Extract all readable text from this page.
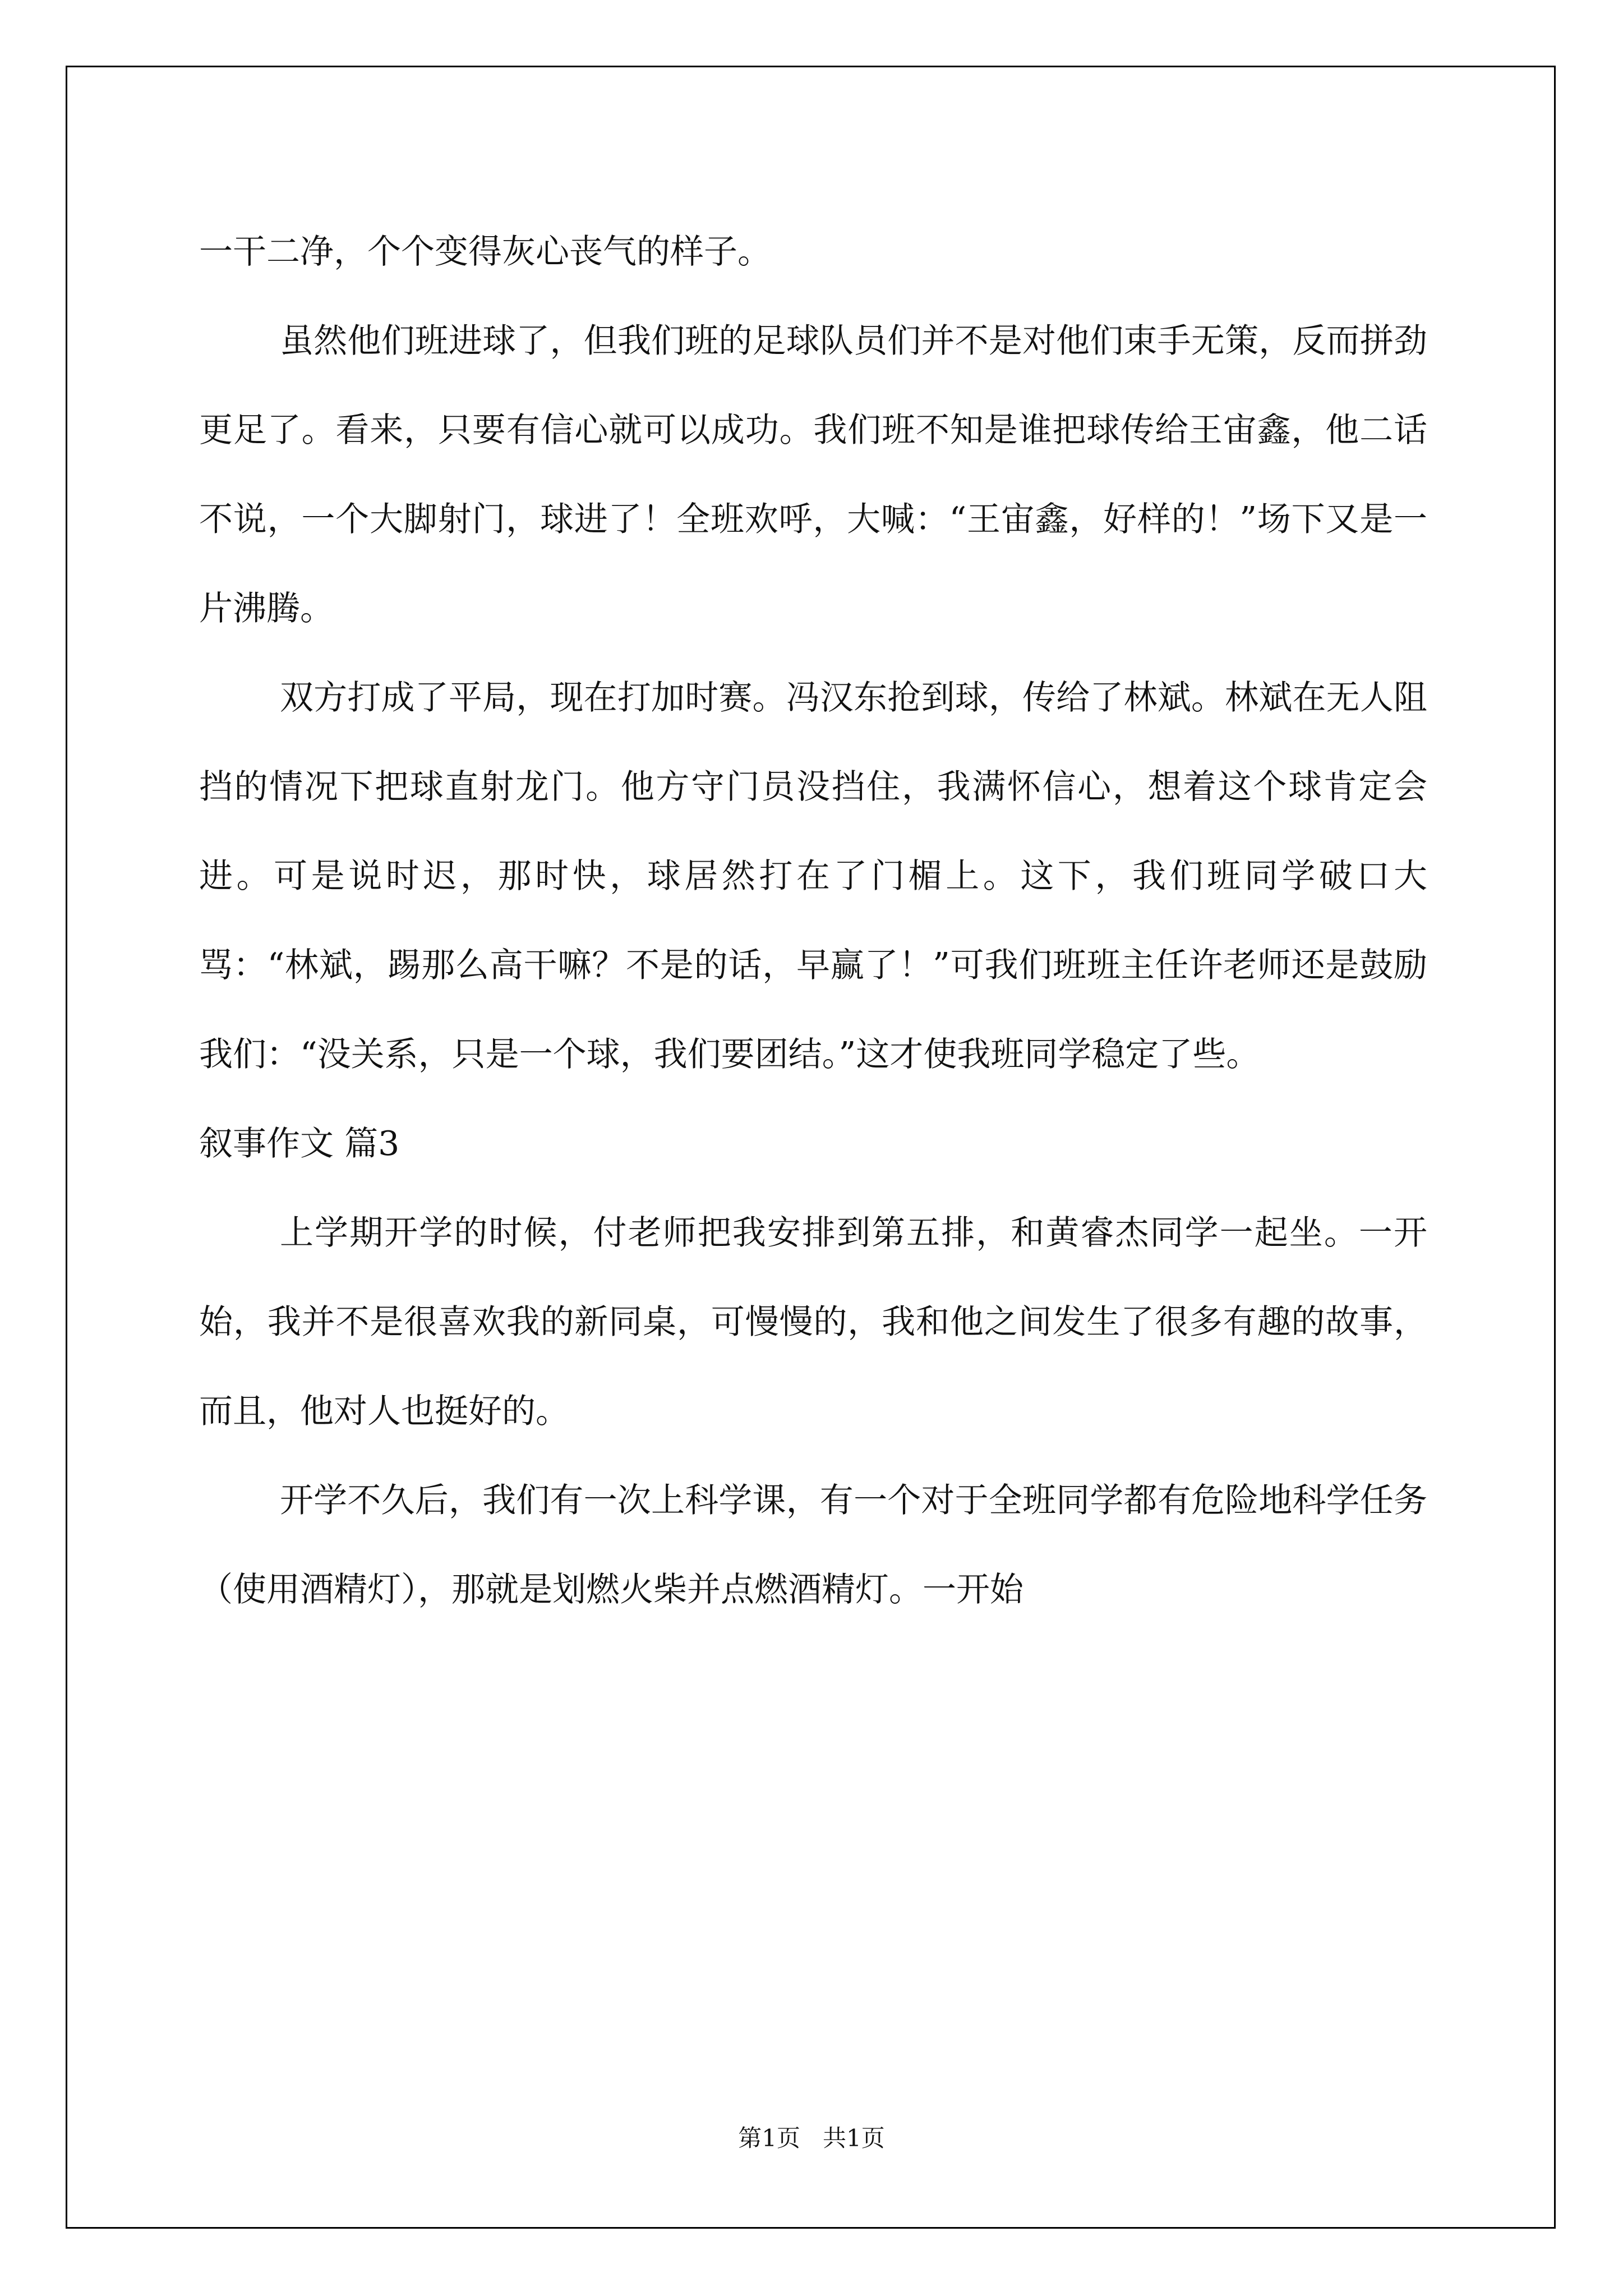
一干二净，个个变得灰心丧气的样子。

虽然他们班进球了，但我们班的足球队员们并不是对他们束手无策，反而拼劲更足了。看来，只要有信心就可以成功。我们班不知是谁把球传给王宙鑫，他二话不说，一个大脚射门，球进了！全班欢呼，大喊：“王宙鑫，好样的！”场下又是一片沸腾。

双方打成了平局，现在打加时赛。冯汉东抢到球，传给了林斌。林斌在无人阻挡的情况下把球直射龙门。他方守门员没挡住，我满怀信心，想着这个球肯定会进。可是说时迟，那时快，球居然打在了门楣上。这下，我们班同学破口大骂：“林斌，踢那么高干嘛？不是的话，早赢了！”可我们班班主任许老师还是鼓励我们：“没关系，只是一个球，我们要团结。”这才使我班同学稳定了些。

叙事作文 篇3

上学期开学的时候，付老师把我安排到第五排，和黄睿杰同学一起坐。一开始，我并不是很喜欢我的新同桌，可慢慢的，我和他之间发生了很多有趣的故事，而且，他对人也挺好的。

开学不久后，我们有一次上科学课，有一个对于全班同学都有危险地科学任务（使用酒精灯），那就是划燃火柴并点燃酒精灯。一开始

第1页 共1页
